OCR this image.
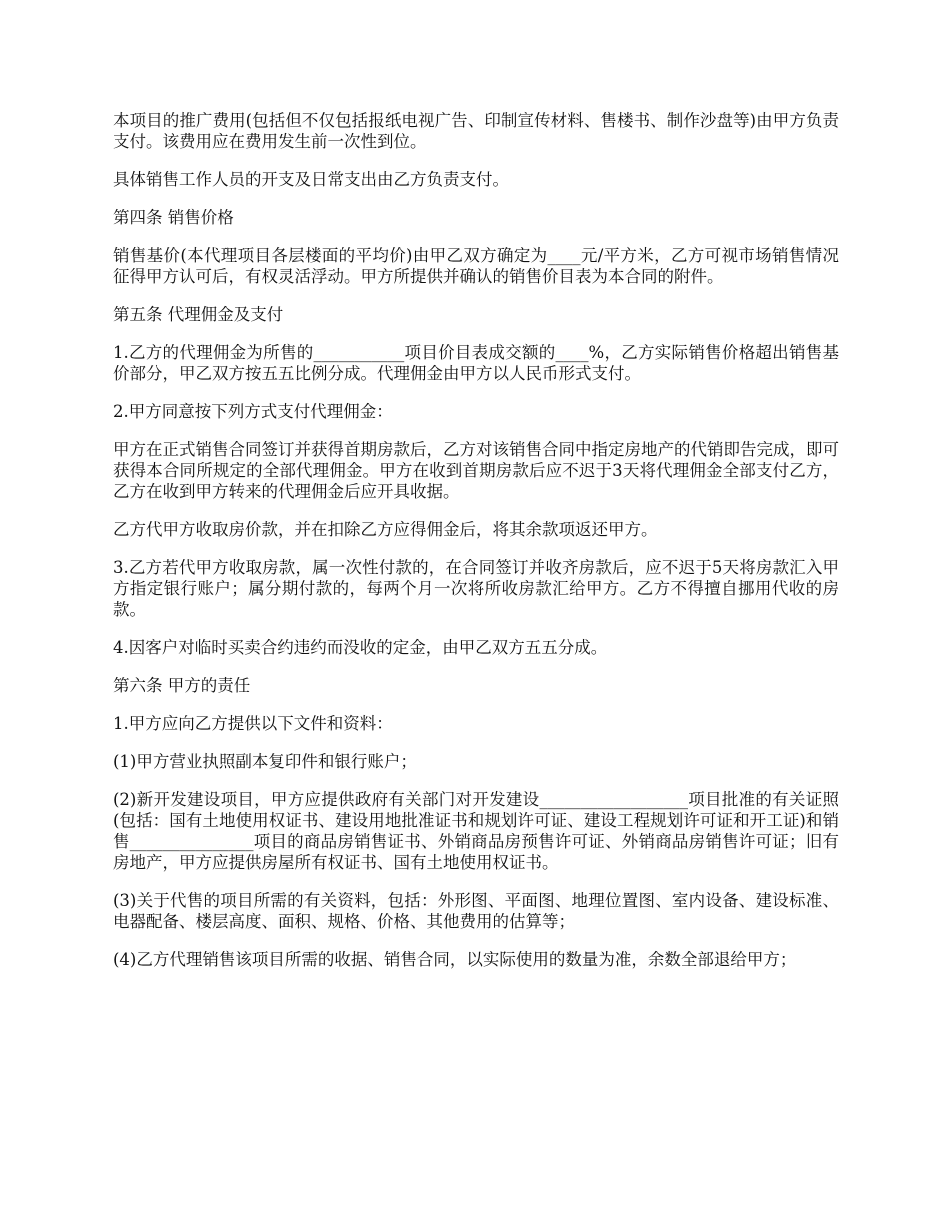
本项目的推广费用(包括但不仅包括报纸电视广告、印制宣传材料、售楼书、制作沙盘等)由甲方负责支付。该费用应在费用发生前一次性到位。

具体销售工作人员的开支及日常支出由乙方负责支付。

第四条 销售价格

销售基价(本代理项目各层楼面的平均价)由甲乙双方确定为____元/平方米，乙方可视市场销售情况征得甲方认可后，有权灵活浮动。甲方所提供并确认的销售价目表为本合同的附件。

第五条 代理佣金及支付

1.乙方的代理佣金为所售的___________项目价目表成交额的____%，乙方实际销售价格超出销售基价部分，甲乙双方按五五比例分成。代理佣金由甲方以人民币形式支付。

2.甲方同意按下列方式支付代理佣金：

甲方在正式销售合同签订并获得首期房款后，乙方对该销售合同中指定房地产的代销即告完成，即可获得本合同所规定的全部代理佣金。甲方在收到首期房款后应不迟于3天将代理佣金全部支付乙方，乙方在收到甲方转来的代理佣金后应开具收据。

乙方代甲方收取房价款，并在扣除乙方应得佣金后，将其余款项返还甲方。

3.乙方若代甲方收取房款，属一次性付款的，在合同签订并收齐房款后，应不迟于5天将房款汇入甲方指定银行账户；属分期付款的，每两个月一次将所收房款汇给甲方。乙方不得擅自挪用代收的房款。

4.因客户对临时买卖合约违约而没收的定金，由甲乙双方五五分成。

第六条 甲方的责任

1.甲方应向乙方提供以下文件和资料：

(1)甲方营业执照副本复印件和银行账户；

(2)新开发建设项目，甲方应提供政府有关部门对开发建设__________________项目批准的有关证照(包括：国有土地使用权证书、建设用地批准证书和规划许可证、建设工程规划许可证和开工证)和销售_______________项目的商品房销售证书、外销商品房预售许可证、外销商品房销售许可证；旧有房地产，甲方应提供房屋所有权证书、国有土地使用权证书。

(3)关于代售的项目所需的有关资料，包括：外形图、平面图、地理位置图、室内设备、建设标准、电器配备、楼层高度、面积、规格、价格、其他费用的估算等；

(4)乙方代理销售该项目所需的收据、销售合同，以实际使用的数量为准，余数全部退给甲方；
